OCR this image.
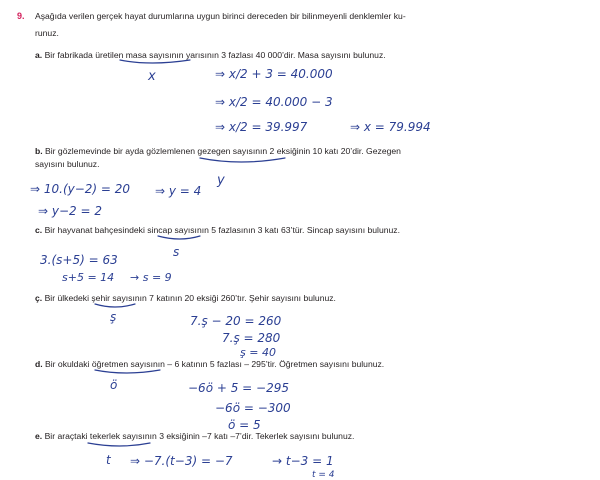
9. Aşağıda verilen gerçek hayat durumlarına uygun birinci dereceden bir bilinmeyenli denklemler ku-
runuz.
a. Bir fabrikada üretilen masa sayısının yarısının 3 fazlası 40 000’dir. Masa sayısını bulunuz.
b. Bir gözlemevinde bir ayda gözlemlenen gezegen sayısının 2 eksiğinin 10 katı 20’dir. Gezegen
sayısını bulunuz.
c. Bir hayvanat bahçesindeki sincap sayısının 5 fazlasının 3 katı 63’tür. Sincap sayısını bulunuz.
ç. Bir ülkedeki şehir sayısının 7 katının 20 eksiği 260’tır. Şehir sayısını bulunuz.
d. Bir okuldaki öğretmen sayısının – 6 katının 5 fazlası – 295’tir. Öğretmen sayısını bulunuz.
e. Bir araçtaki tekerlek sayısının 3 eksiğinin –7 katı –7’dir. Tekerlek sayısını bulunuz.
x	⇒ x/2 + 3 = 40.000
⇒ x/2 = 40.000 − 3
⇒ x/2 = 39.997	⇒ x = 79.994
y
⇒ 10.(y−2) = 20
⇒ y−2 = 2
⇒ y = 4
s
3.(s+5) = 63
s+5 = 14 → s = 9
ş	7.ş − 20 = 260
7.ş = 280
ş = 40
ö	−6ö + 5 = −295
−6ö = −300
ö = 5
t ⇒ −7.(t−3) = −7	→ t−3 = 1
t = 4
